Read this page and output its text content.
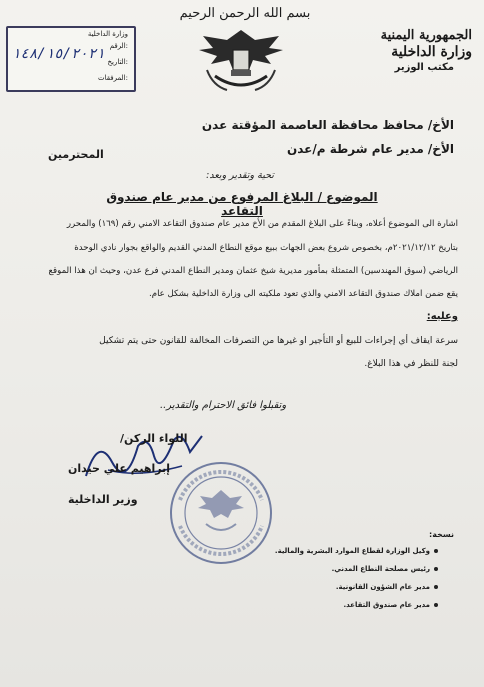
بسم الله الرحمن الرحيم
الجمهورية اليمنية
وزارة الداخلية
مكتب الوزير
وزارة الداخلية
الرقم:
التاريخ:
المرفقات:
١٤٨/١٥/٢٠٢١
الأخ/ محافظ محافظة العاصمة المؤقتة عدن
الأخ/ مدير عام شرطة م/عدن
المحترمين
تحية وتقدير وبعد:
الموضوع / البلاغ المرفوع من مدير عام صندوق التقاعد
اشارة الى الموضوع أعلاه، وبناءً على البلاغ المقدم من الأخ مدير عام صندوق التقاعد الامني رقم (١٦٩) والمحرر
بتاريخ ٢٠٢١/١٢/١٢م، بخصوص شروع بعض الجهات ببيع موقع النطاع المدني القديم والواقع بجوار نادي الوحدة
الرياضي (سوق المهندسين) المتمثلة بمأمور مديرية شيخ عثمان ومدير النطاع المدني فرع عدن، وحيث ان هذا الموقع
يقع ضمن املاك صندوق التقاعد الامني والذي تعود ملكيته الى وزارة الداخلية بشكل عام.
وعليه:
سرعة ايقاف أي إجراءات للبيع أو التأجير او غيرها من التصرفات المخالفة للقانون حتى يتم تشكيل
لجنة للنظر في هذا البلاغ.
وتقبلوا فائق الاحترام والتقدير..
اللواء الركن/
إبراهيم علي حيدان
وزير الداخلية
نسخة:
وكيل الوزارة لقطاع الموارد البشرية والمالية.
رئيس مصلحة النطاع المدني.
مدير عام الشؤون القانونية.
مدير عام صندوق التقاعد.
